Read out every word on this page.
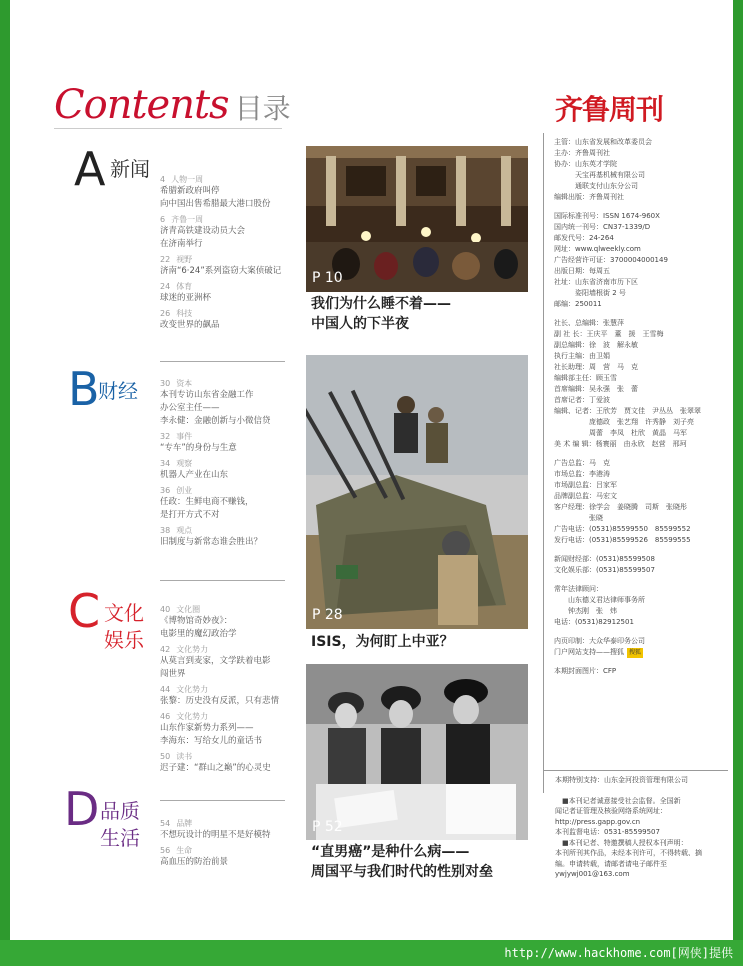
Contents 目录
A 新闻 4 人物一周
希腊新政府叫停
向中国出售希腊最大港口股份
6 齐鲁一周
济青高铁建设动员大会
在济南举行
22 视野
济南“6·24”系列盗窃大案侦破记
24 体育
球迷的亚洲杯
26 科技
改变世界的飙品
B
财经	30 资本
本刊专访山东省金融工作
办公室主任——
李永健：金融创新与小微信贷
32 事件
“专车”的身份与生意
34 观察
机器人产业在山东
36 创业
任政：生鲜电商不赚钱，
是打开方式不对
38 观点
旧制度与新常态谁会胜出？
C 文化娱乐
40 文化圈
《博物馆奇妙夜》：
电影里的魔幻政治学
42 文化势力
从莫言到麦家，文学趺着电影
闯世界
44 文化势力
张黎：历史没有反派，只有悲情
46 文化势力
山东作家新势力系列——
李海东：写给女儿的童话书
50 读书
迟子建：“群山之巅”的心灵史
D 品质生活
54 品牌
不想玩设计的明星不是好模特
56 生命
高血压的防治前景
P 10
我们为什么睡不着——
中国人的下半夜
P 28
ISIS，为何盯上中亚？
P 52
“直男癌”是种什么病——
周国平与我们时代的性别对垒
齐鲁周刊
主管：山东省发展和改革委员会
主办：齐鲁周刊社
协办：山东英才学院
　　　天宝再基机械有限公司
　　　通联支付山东分公司
编辑出版：齐鲁周刊社
国际标准刊号：ISSN 1674-960X
国内统一刊号：CN37-1339/D
邮发代号：24-264
网址：www.qlweekly.com
广告经营许可证：3700004000149
出版日期：每周五
社址：山东省济南市历下区
　　　姿阳墙根街 2 号
邮编：250011
社长、总编辑：张慧萍
副 社 长：王庆平　董　援　王雪梅
副总编辑：徐　波　解永敏
执行主编：由卫娟
社长助理：周　营　马　克
编辑部主任：顾玉雪
首席编辑：吴永强　张　蕾
首席记者：丁爱波
编辑、记者：王欣芳　贾文佳　尹丛丛　张翠翠
　　　　　庞德政　张艺翔　许秀静　刘子亮
　　　　　周蕾　李凤　杜欣　黄晶　马军
美 术 编 辑：杨寰丽　由永欣　赵营　邢珂
广告总监：马　克
市场总监：李港涛
市场副总监：吕家军
品牌副总监：马宏文
客户经理：徐学会　姜晓腾　司斯　张晓彤
　　　　　张晓
广告电话：(0531)85599550　85599552
发行电话：(0531)85599526　85599555
新闻财经部：(0531)85599508
文化娱乐部：(0531)85599507
常年法律顾问：
　　山东德义君达律师事务所
　　钟杰刚　张　炜
电话：(0531)82912501
内页印制：大众华泰印务公司
门户网站支持——搜狐 搜狐
本期封面图片：CFP
本期特别支持：山东金河投资管理有限公司
　■本刊记者诚意接受社会监督。全国新
闻记者证管理及核验网络系统网址：
http://press.gapp.gov.cn
本刊监督电话：0531-85599507
　■本刊记者、特邀撰稿人授权本刊声明：
本刊所刊其作品，未经本刊许可，不得转载、摘
编。申请转载，请邮者请电子邮件至
ywjywj001@163.com
http://www.hackhome.com[网侠]提供
